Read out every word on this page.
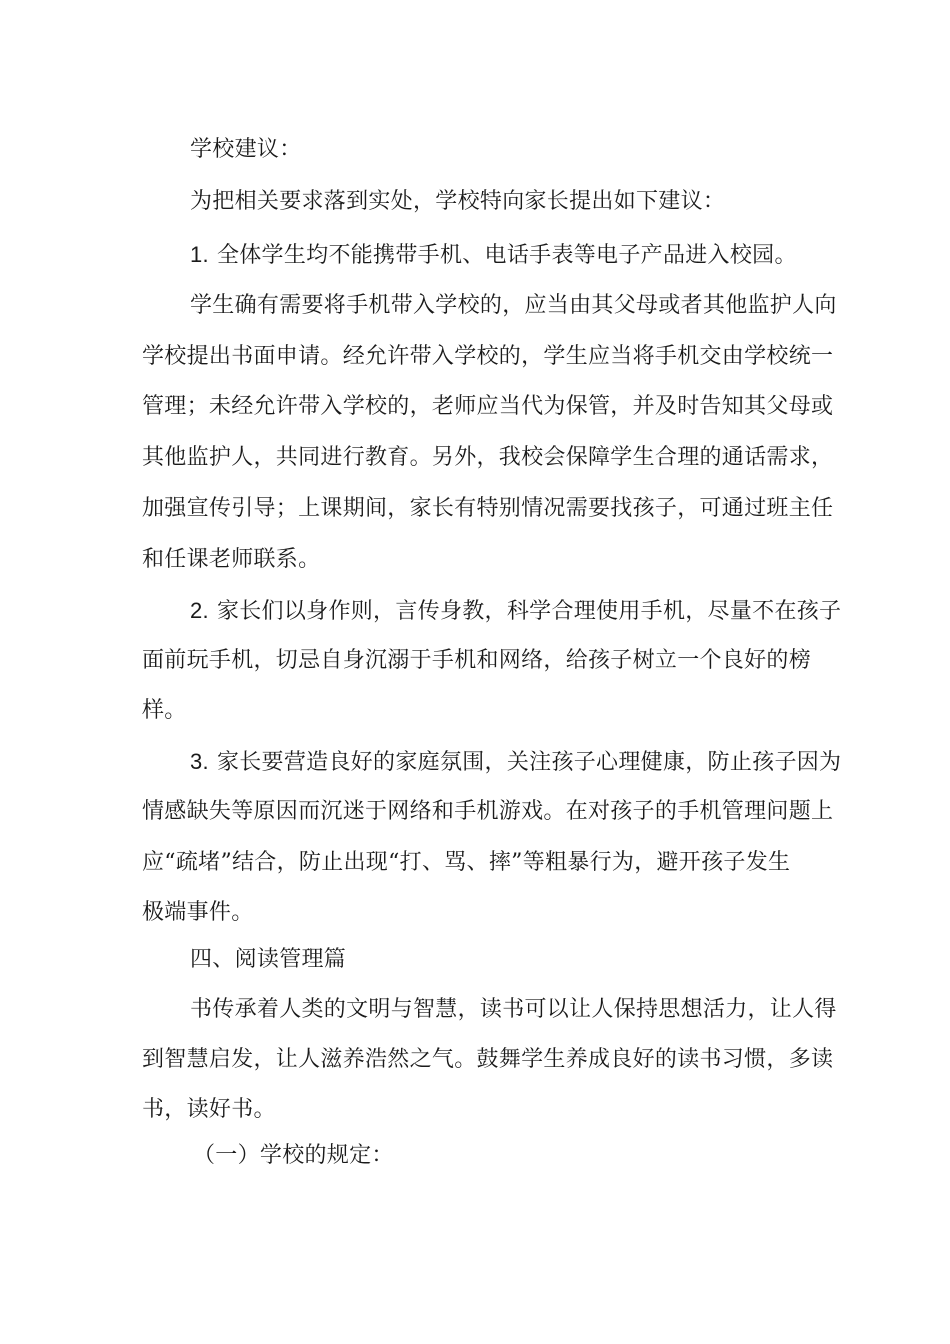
学校建议：
为把相关要求落到实处，学校特向家长提出如下建议：
1. 全体学生均不能携带手机、电话手表等电子产品进入校园。
学生确有需要将手机带入学校的，应当由其父母或者其他监护人向
学校提出书面申请。经允许带入学校的，学生应当将手机交由学校统一
管理；未经允许带入学校的，老师应当代为保管，并及时告知其父母或
其他监护人，共同进行教育。另外，我校会保障学生合理的通话需求，
加强宣传引导；上课期间，家长有特别情况需要找孩子，可通过班主任
和任课老师联系。
2. 家长们以身作则，言传身教，科学合理使用手机，尽量不在孩子
面前玩手机，切忌自身沉溺于手机和网络，给孩子树立一个良好的榜
样。
3. 家长要营造良好的家庭氛围，关注孩子心理健康，防止孩子因为
情感缺失等原因而沉迷于网络和手机游戏。在对孩子的手机管理问题上
应“疏堵”结合，防止出现“打、骂、摔”等粗暴行为，避开孩子发生
极端事件。
四、阅读管理篇
书传承着人类的文明与智慧，读书可以让人保持思想活力，让人得
到智慧启发，让人滋养浩然之气。鼓舞学生养成良好的读书习惯，多读
书，读好书。
（一）学校的规定：
